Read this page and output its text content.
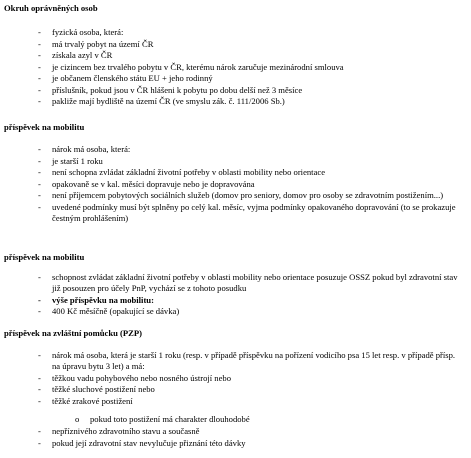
Okruh oprávněných osob
- fyzická osoba, která:
- má trvalý pobyt na území ČR
- získala azyl v ČR
- je cizincem bez trvalého pobytu v ČR, kterému nárok zaručuje mezinárodní smlouva
- je občanem členského státu EU + jeho rodinný
- příslušník, pokud jsou v ČR hlášeni k pobytu po dobu delší než 3 měsíce
- pakliže mají bydliště na území ČR (ve smyslu zák. č. 111/2006 Sb.)
příspěvek na mobilitu
- nárok má osoba, která:
- je starší 1 roku
- není schopna zvládat základní životní potřeby v oblasti mobility nebo orientace
- opakovaně se v kal. měsíci dopravuje nebo je dopravována
- není příjemcem pobytových sociálních služeb (domov pro seniory, domov pro osoby se zdravotním postižením...)
- uvedené podmínky musí být splněny po celý kal. měsíc, vyjma podmínky opakovaného dopravování (to se prokazuje čestným prohlášením)
příspěvek na mobilitu
- schopnost zvládat základní životní potřeby v oblasti mobility nebo orientace posuzuje OSSZ pokud byl zdravotní stav již posouzen pro účely PnP, vychází se z tohoto posudku
- výše příspěvku na mobilitu:
- 400 Kč měsíčně (opakující se dávka)
příspěvek na zvláštní pomůcku (PZP)
- nárok má osoba, která je starší 1 roku (resp. v případě příspěvku na pořízení vodicího psa 15 let resp. v případě přísp. na úpravu bytu 3 let) a má:
- těžkou vadu pohybového nebo nosného ústrojí nebo
- těžké sluchové postižení nebo
- těžké zrakové postižení
o pokud toto postižení má charakter dlouhodobé
- nepříznivého zdravotního stavu a současně
- pokud její zdravotní stav nevylučuje přiznání této dávky
